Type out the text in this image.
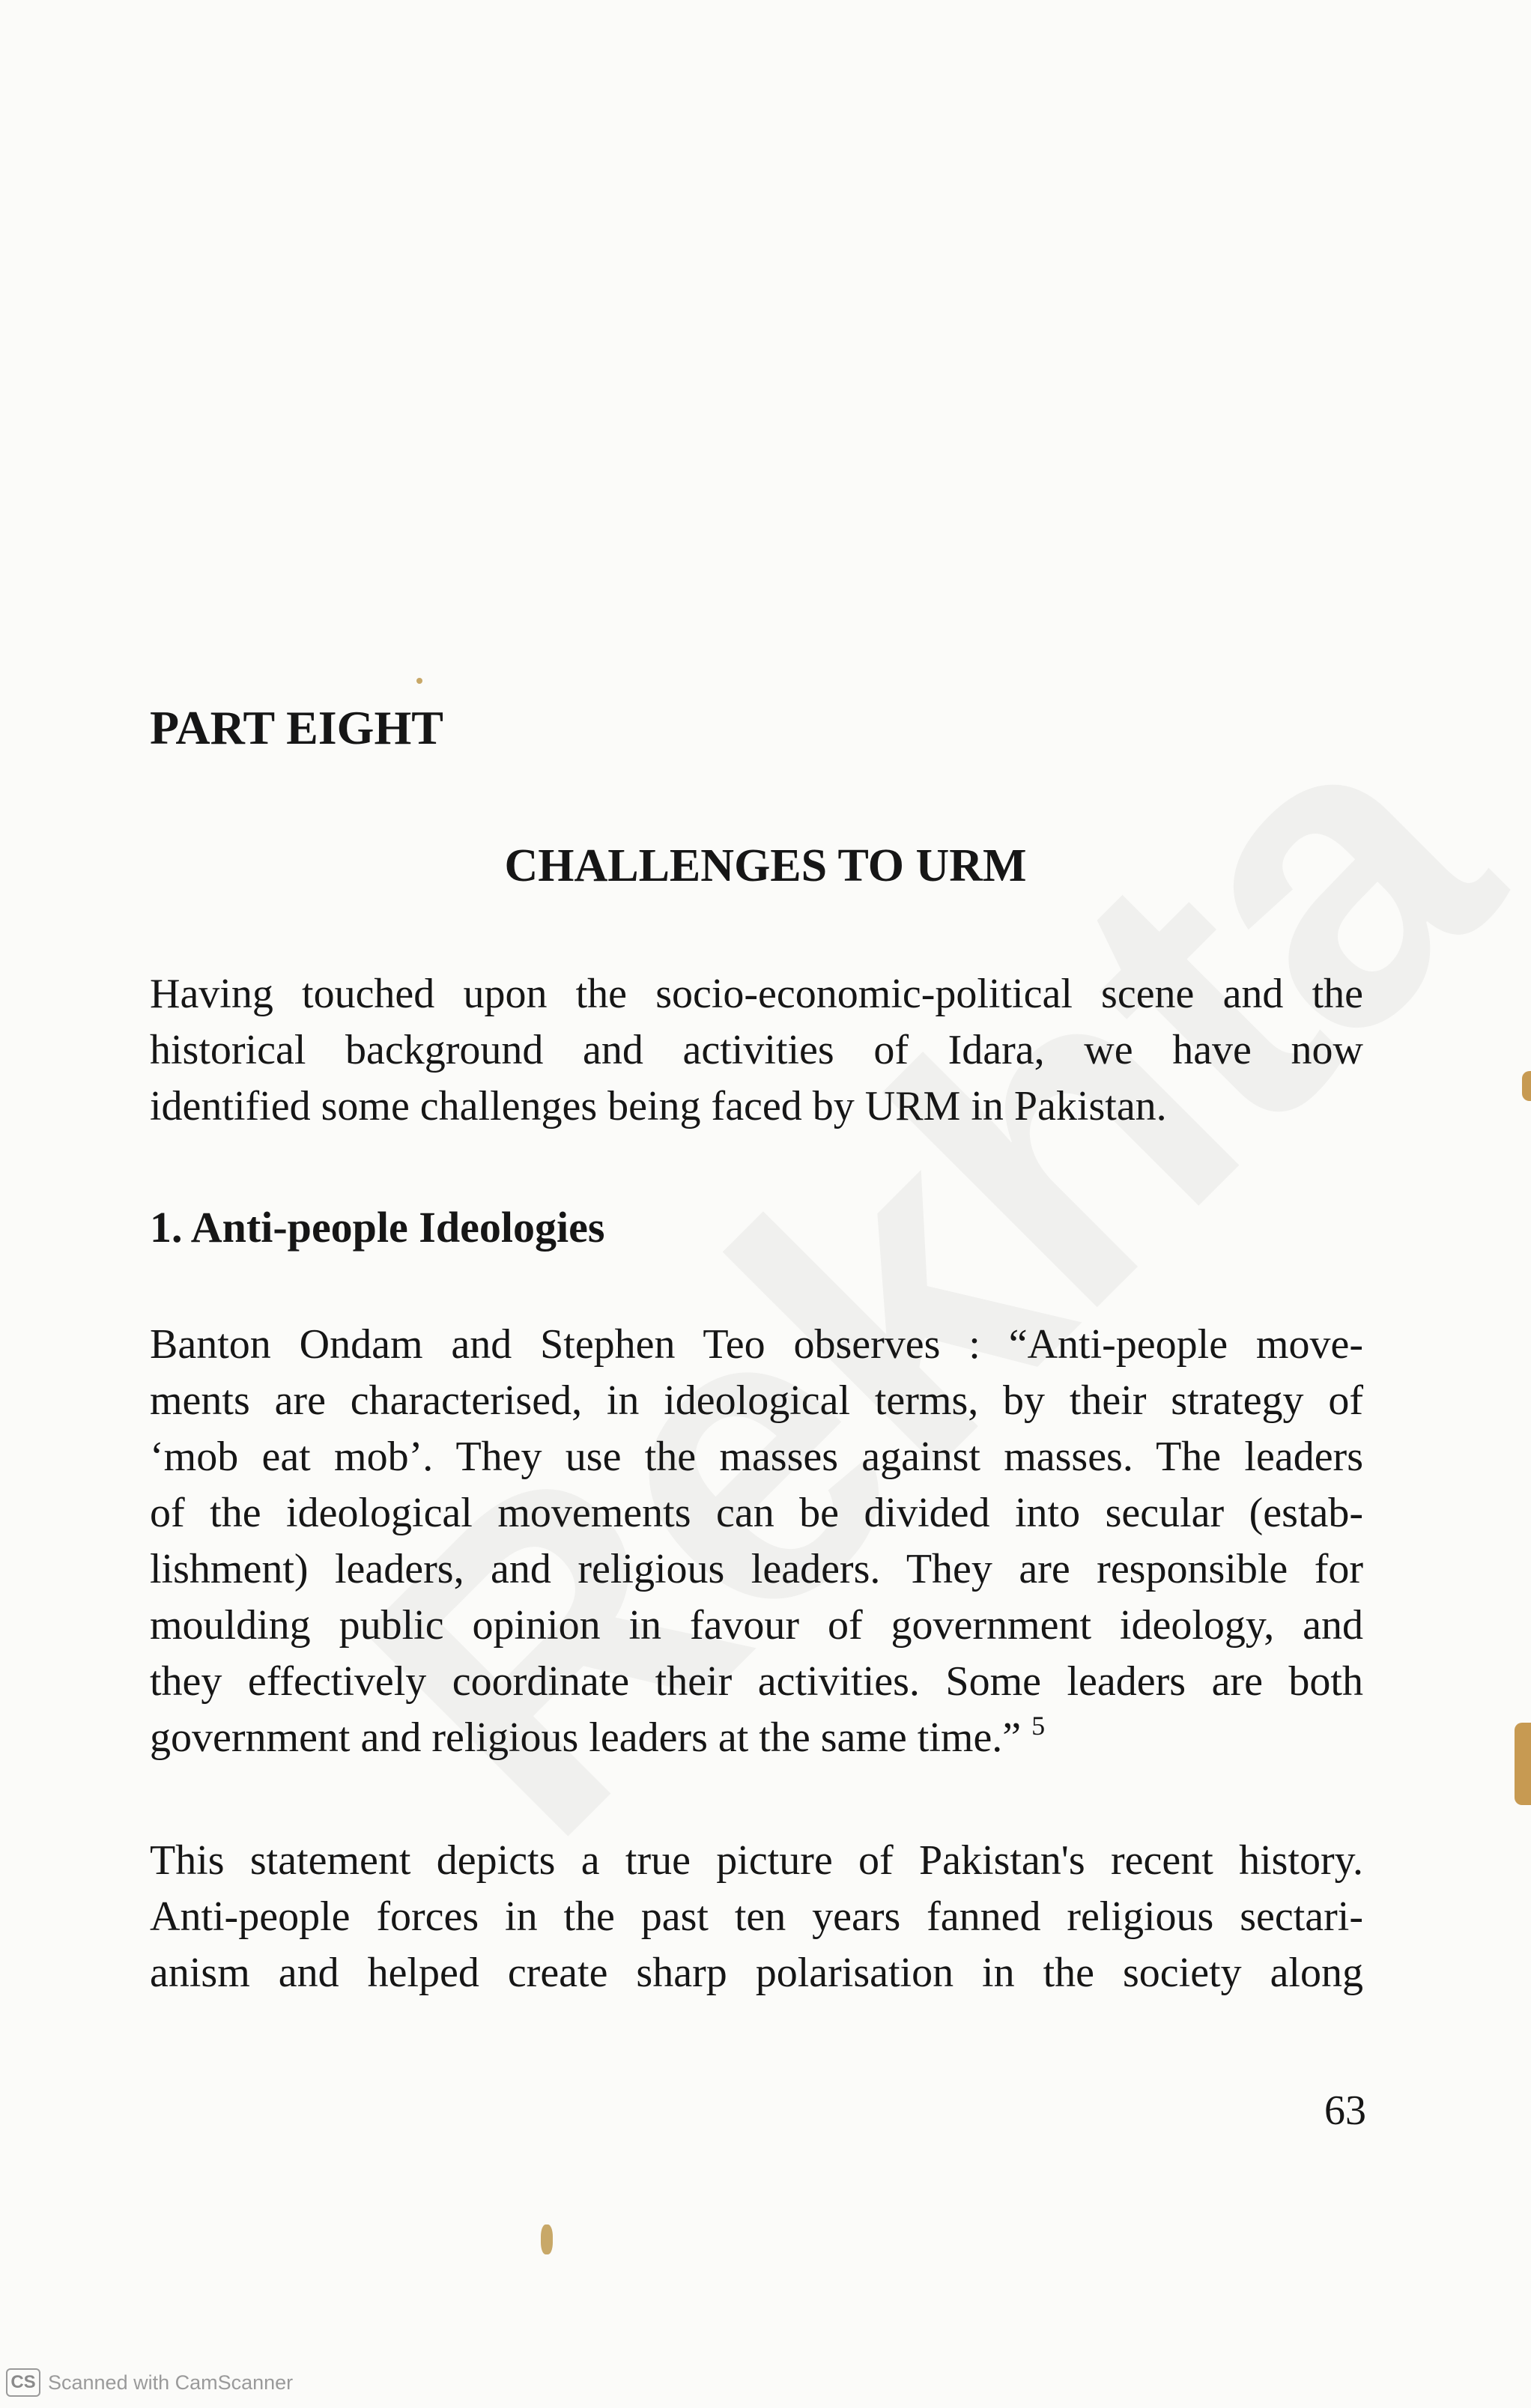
PART EIGHT
CHALLENGES TO URM

Having touched upon the socio-economic-political scene and the
historical background and activities of Idara, we have now
identified some challenges being faced by URM in Pakistan.

1. Anti-people Ideologies

Banton Ondam and Stephen Teo observes : “Anti-people move-
ments are characterised, in ideological terms, by their strategy of
‘mob eat mob’. They use the masses against masses. The leaders
of the ideological movements can be divided into secular (estab-
lishment) leaders, and religious leaders. They are responsible for
moulding public opinion in favour of government ideology, and
they effectively coordinate their activities. Some leaders are both
government and religious leaders at the same time.” $^5$

This statement depicts a true picture of Pakistan's recent history.
Anti-people forces in the past ten years fanned religious sectari-
anism and helped create sharp polarisation in the society along

63
CS Scanned with CamScanner
